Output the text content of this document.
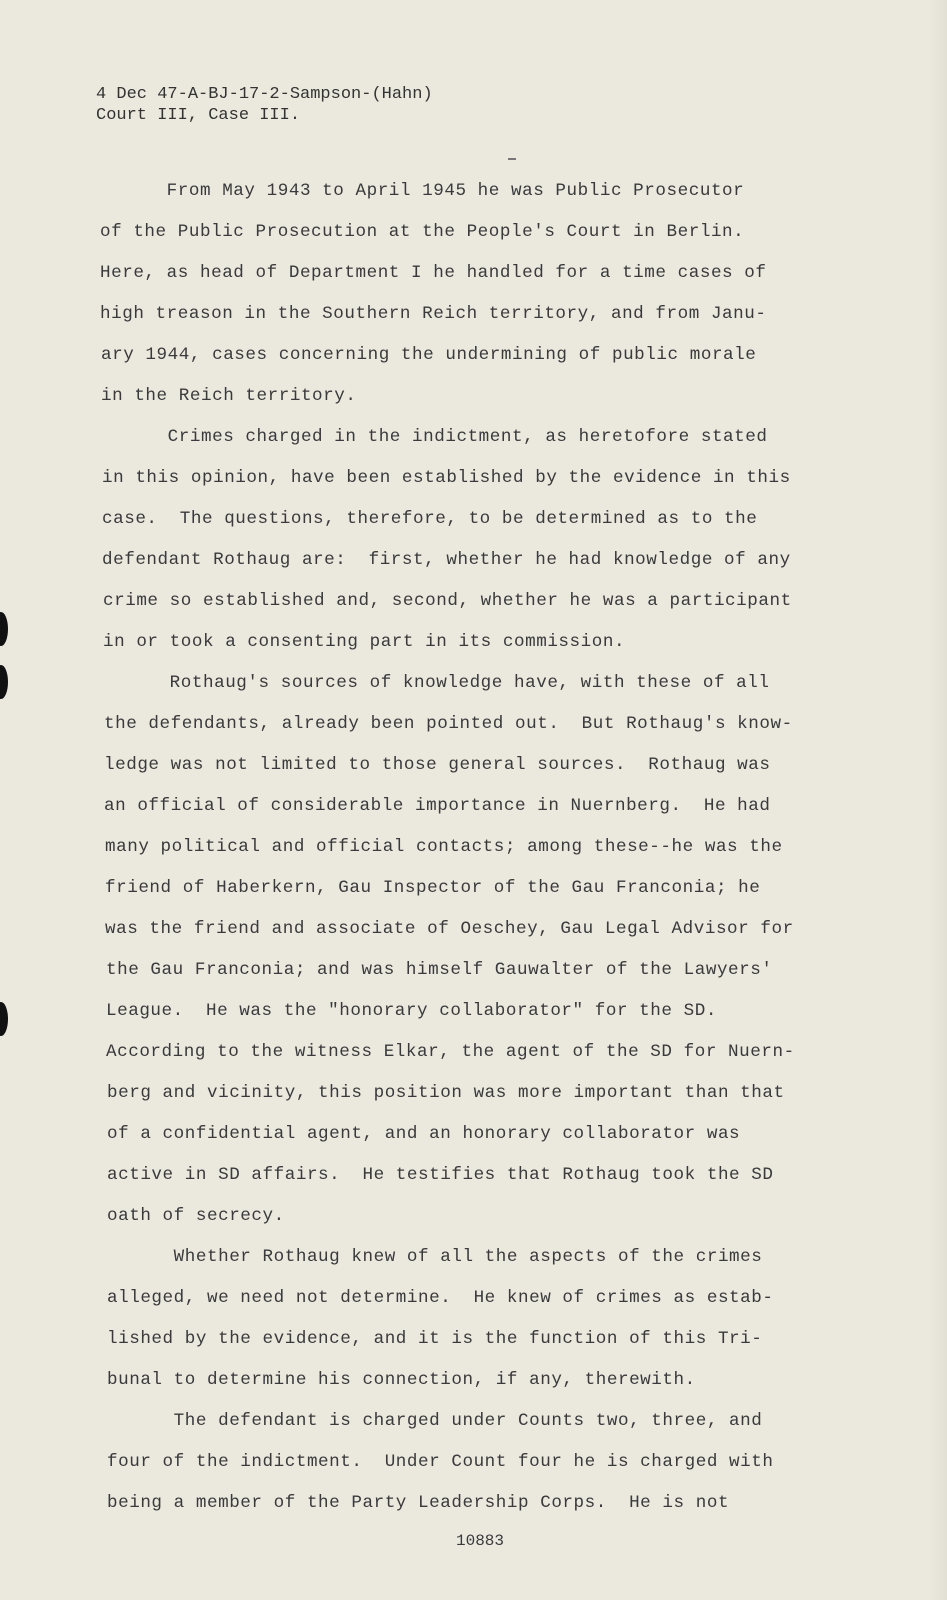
4 Dec 47-A-BJ-17-2-Sampson-(Hahn)
Court III, Case III.
From May 1943 to April 1945 he was Public Prosecutor
of the Public Prosecution at the People's Court in Berlin.
Here, as head of Department I he handled for a time cases of
high treason in the Southern Reich territory, and from Janu-
ary 1944, cases concerning the undermining of public morale
in the Reich territory.
Crimes charged in the indictment, as heretofore stated
in this opinion, have been established by the evidence in this
case.  The questions, therefore, to be determined as to the
defendant Rothaug are:  first, whether he had knowledge of any
crime so established and, second, whether he was a participant
in or took a consenting part in its commission.
Rothaug's sources of knowledge have, with these of all
the defendants, already been pointed out.  But Rothaug's know-
ledge was not limited to those general sources.  Rothaug was
an official of considerable importance in Nuernberg.  He had
many political and official contacts; among these--he was the
friend of Haberkern, Gau Inspector of the Gau Franconia; he
was the friend and associate of Oeschey, Gau Legal Advisor for
the Gau Franconia; and was himself Gauwalter of the Lawyers'
League.  He was the "honorary collaborator" for the SD.
According to the witness Elkar, the agent of the SD for Nuern-
berg and vicinity, this position was more important than that
of a confidential agent, and an honorary collaborator was
active in SD affairs.  He testifies that Rothaug took the SD
oath of secrecy.
Whether Rothaug knew of all the aspects of the crimes
alleged, we need not determine.  He knew of crimes as estab-
lished by the evidence, and it is the function of this Tri-
bunal to determine his connection, if any, therewith.
The defendant is charged under Counts two, three, and
four of the indictment.  Under Count four he is charged with
being a member of the Party Leadership Corps.  He is not
10883
